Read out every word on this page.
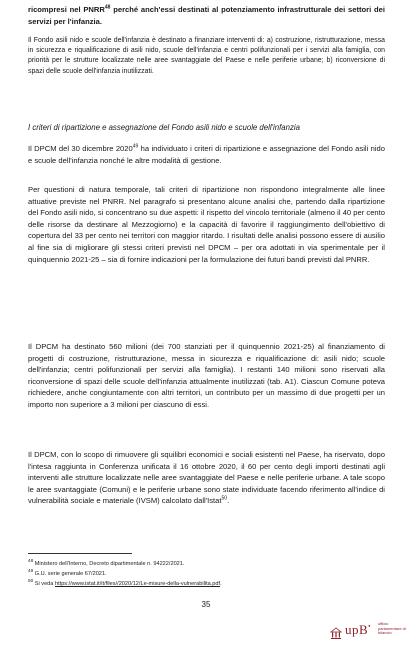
ricompresi nel PNRR$^{48}$ perché anch'essi destinati al potenziamento infrastrutturale dei settori dei servizi per l'infanzia.

Il Fondo asili nido e scuole dell'infanzia è destinato a finanziare interventi di: a) costruzione, ristrutturazione, messa in sicurezza e riqualificazione di asili nido, scuole dell'infanzia e centri polifunzionali per i servizi alla famiglia, con priorità per le strutture localizzate nelle aree svantaggiate del Paese e nelle periferie urbane; b) riconversione di spazi delle scuole dell'infanzia inutilizzati.

I criteri di ripartizione e assegnazione del Fondo asili nido e scuole dell'infanzia

Il DPCM del 30 dicembre 2020$^{49}$ ha individuato i criteri di ripartizione e assegnazione del Fondo asili nido e scuole dell'infanzia nonché le altre modalità di gestione.

Per questioni di natura temporale, tali criteri di ripartizione non rispondono integralmente alle linee attuative previste nel PNRR. Nel paragrafo si presentano alcune analisi che, partendo dalla ripartizione del Fondo asili nido, si concentrano su due aspetti: il rispetto del vincolo territoriale (almeno il 40 per cento delle risorse da destinare al Mezzogiorno) e la capacità di favorire il raggiungimento dell'obiettivo di copertura del 33 per cento nei territori con maggior ritardo. I risultati delle analisi possono essere di ausilio al fine sia di migliorare gli stessi criteri previsti nel DPCM – per ora adottati in via sperimentale per il quinquennio 2021-25 – sia di fornire indicazioni per la formulazione dei futuri bandi previsti dal PNRR.

Il DPCM ha destinato 560 milioni (dei 700 stanziati per il quinquennio 2021-25) al finanziamento di progetti di costruzione, ristrutturazione, messa in sicurezza e riqualificazione di: asili nido; scuole dell'infanzia; centri polifunzionali per servizi alla famiglia). I restanti 140 milioni sono riservati alla riconversione di spazi delle scuole dell'infanzia attualmente inutilizzati (tab. A1). Ciascun Comune poteva richiedere, anche congiuntamente con altri territori, un contributo per un massimo di due progetti per un importo non superiore a 3 milioni per ciascuno di essi.

Il DPCM, con lo scopo di rimuovere gli squilibri economici e sociali esistenti nel Paese, ha riservato, dopo l'intesa raggiunta in Conferenza unificata il 16 ottobre 2020, il 60 per cento degli importi destinati agli interventi alle strutture localizzate nelle aree svantaggiate del Paese e nelle periferie urbane. A tale scopo le aree svantaggiate (Comuni) e le periferie urbane sono state individuate facendo riferimento all'indice di vulnerabilità sociale e materiale (IVSM) calcolato dall'Istat$^{50}$.

$^{48}$ Ministero dell'Interno, Decreto dipartimentale n. 94222/2021.
$^{49}$ G.U. serie generale 67/2021.
$^{50}$ Si veda https://www.istat.it/it/files//2020/12/Le-misure-della-vulnerabilita.pdf.
35
upB• ufficio parlamentare di bilancio
